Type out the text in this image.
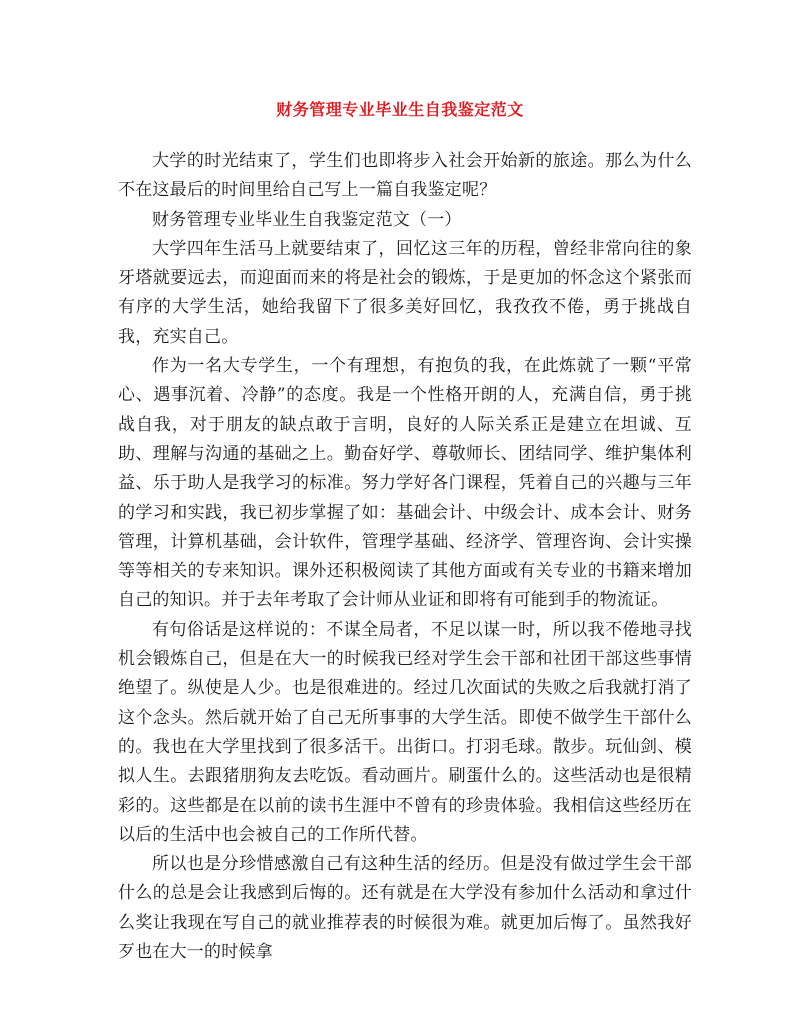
财务管理专业毕业生自我鉴定范文

大学的时光结束了，学生们也即将步入社会开始新的旅途。那么为什么不在这最后的时间里给自己写上一篇自我鉴定呢？

财务管理专业毕业生自我鉴定范文（一）

大学四年生活马上就要结束了，回忆这三年的历程，曾经非常向往的象牙塔就要远去，而迎面而来的将是社会的锻炼，于是更加的怀念这个紧张而有序的大学生活，她给我留下了很多美好回忆，我孜孜不倦，勇于挑战自我，充实自己。

作为一名大专学生，一个有理想，有抱负的我，在此炼就了一颗“平常心、遇事沉着、冷静”的态度。我是一个性格开朗的人，充满自信，勇于挑战自我，对于朋友的缺点敢于言明，良好的人际关系正是建立在坦诚、互助、理解与沟通的基础之上。勤奋好学、尊敬师长、团结同学、维护集体利益、乐于助人是我学习的标准。努力学好各门课程，凭着自己的兴趣与三年的学习和实践，我已初步掌握了如：基础会计、中级会计、成本会计、财务管理，计算机基础，会计软件，管理学基础、经济学、管理咨询、会计实操等等相关的专来知识。课外还积极阅读了其他方面或有关专业的书籍来增加自己的知识。并于去年考取了会计师从业证和即将有可能到手的物流证。

有句俗话是这样说的：不谋全局者，不足以谋一时，所以我不倦地寻找机会锻炼自己，但是在大一的时候我已经对学生会干部和社团干部这些事情绝望了。纵使是人少。也是很难进的。经过几次面试的失败之后我就打消了这个念头。然后就开始了自己无所事事的大学生活。即使不做学生干部什么的。我也在大学里找到了很多活干。出街口。打羽毛球。散步。玩仙剑、模拟人生。去跟猪朋狗友去吃饭。看动画片。刷蛋什么的。这些活动也是很精彩的。这些都是在以前的读书生涯中不曾有的珍贵体验。我相信这些经历在以后的生活中也会被自己的工作所代替。

所以也是分珍惜感激自己有这种生活的经历。但是没有做过学生会干部什么的总是会让我感到后悔的。还有就是在大学没有参加什么活动和拿过什么奖让我现在写自己的就业推荐表的时候很为难。就更加后悔了。虽然我好歹也在大一的时候拿
